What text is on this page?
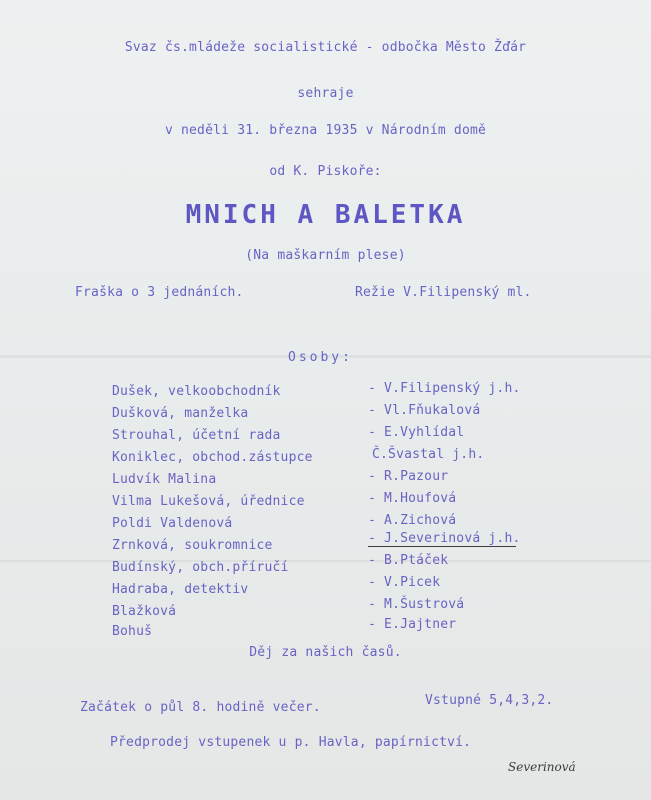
Svaz čs.mládeže socialistické - odbočka Město Žďár
sehraje
v neděli 31. března 1935 v Národním domě
od K. Piskoře:
MNICH A BALETKA
(Na maškarním plese)
Fraška o 3 jednáních.	Režie V.Filipenský ml.
Osoby:
Dušek, velkoobchodník	- V.Filipenský j.h.
Dušková, manželka	- Vl.Fňukalová
Strouhal, účetní rada	- E.Vyhlídal
Koniklec, obchod.zástupce	Č.Švastal j.h.
Ludvík Malina	- R.Pazour
Vilma Lukešová, úřednice	- M.Houfová
Poldi Valdenová	- A.Zichová
Zrnková, soukromnice	- J.Severinová j.h.
Budínský, obch.příručí	- B.Ptáček
Hadraba, detektiv	- V.Picek
Blažková	- M.Šustrová
Bohuš	- E.Jajtner
Děj za našich časů.
Začátek o půl 8. hodině večer.	Vstupné 5,4,3,2.
Předprodej vstupenek u p. Havla, papírnictví.
Severinová
